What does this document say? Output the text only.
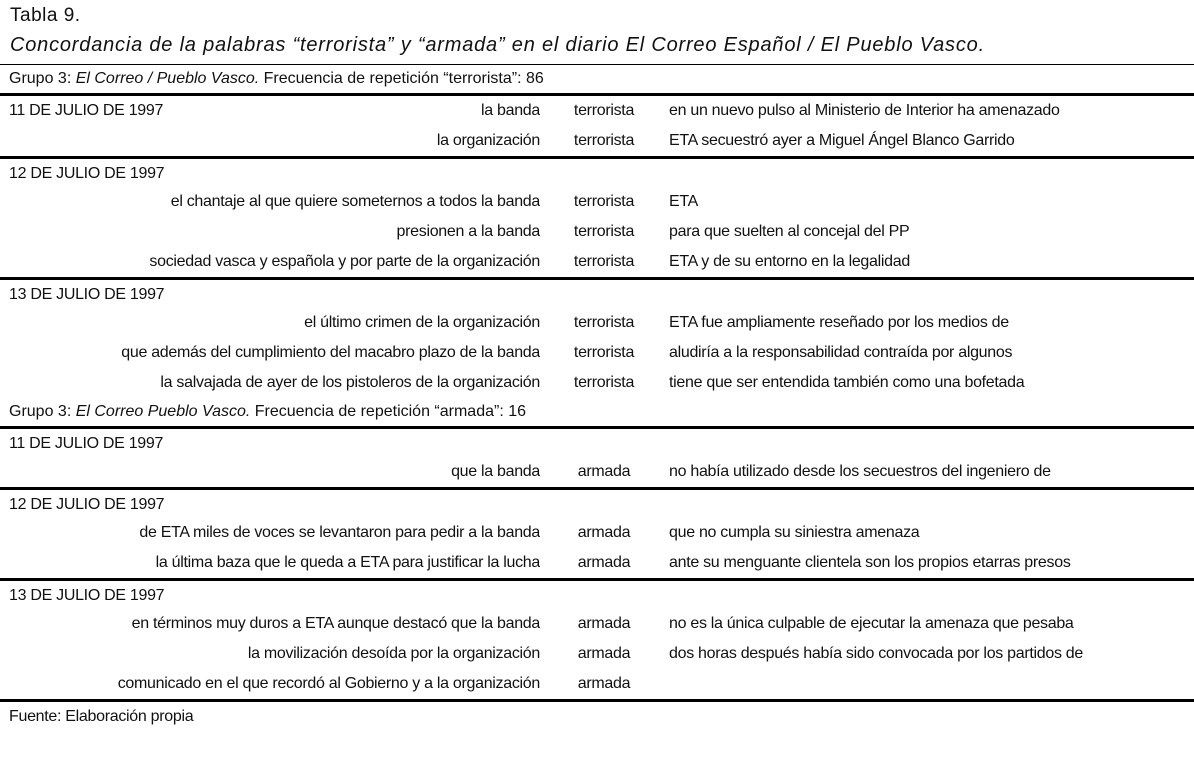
Tabla 9.
Concordancia de la palabras “terrorista” y “armada” en el diario El Correo Español / El Pueblo Vasco.
Grupo 3: El Correo / Pueblo Vasco. Frecuencia de repetición “terrorista”: 86
11 DE JULIO DE 1997	la banda	terrorista	en un nuevo pulso al Ministerio de Interior ha amenazado
la organización	terrorista	ETA secuestró ayer a Miguel Ángel Blanco Garrido
12 DE JULIO DE 1997
el chantaje al que quiere someternos a todos la banda	terrorista	ETA
presionen a la banda	terrorista	para que suelten al concejal del PP
sociedad vasca y española y por parte de la organización	terrorista	ETA y de su entorno en la legalidad
13 DE JULIO DE 1997
el último crimen de la organización	terrorista	ETA fue ampliamente reseñado por los medios de
que además del cumplimiento del macabro plazo de la banda	terrorista	aludiría a la responsabilidad contraída por algunos
la salvajada de ayer de los pistoleros de la organización	terrorista	tiene que ser entendida también como una bofetada
Grupo 3: El Correo Pueblo Vasco. Frecuencia de repetición “armada”: 16
11 DE JULIO DE 1997
que la banda	armada	no había utilizado desde los secuestros del ingeniero de
12 DE JULIO DE 1997
de ETA miles de voces se levantaron para pedir a la banda	armada	que no cumpla su siniestra amenaza
la última baza que le queda a ETA para justificar la lucha	armada	ante su menguante clientela son los propios etarras presos
13 DE JULIO DE 1997
en términos muy duros a ETA aunque destacó que la banda	armada	no es la única culpable de ejecutar la amenaza que pesaba
la movilización desoída por la organización	armada	dos horas después había sido convocada por los partidos de
comunicado en el que recordó al Gobierno y a la organización	armada
Fuente: Elaboración propia
